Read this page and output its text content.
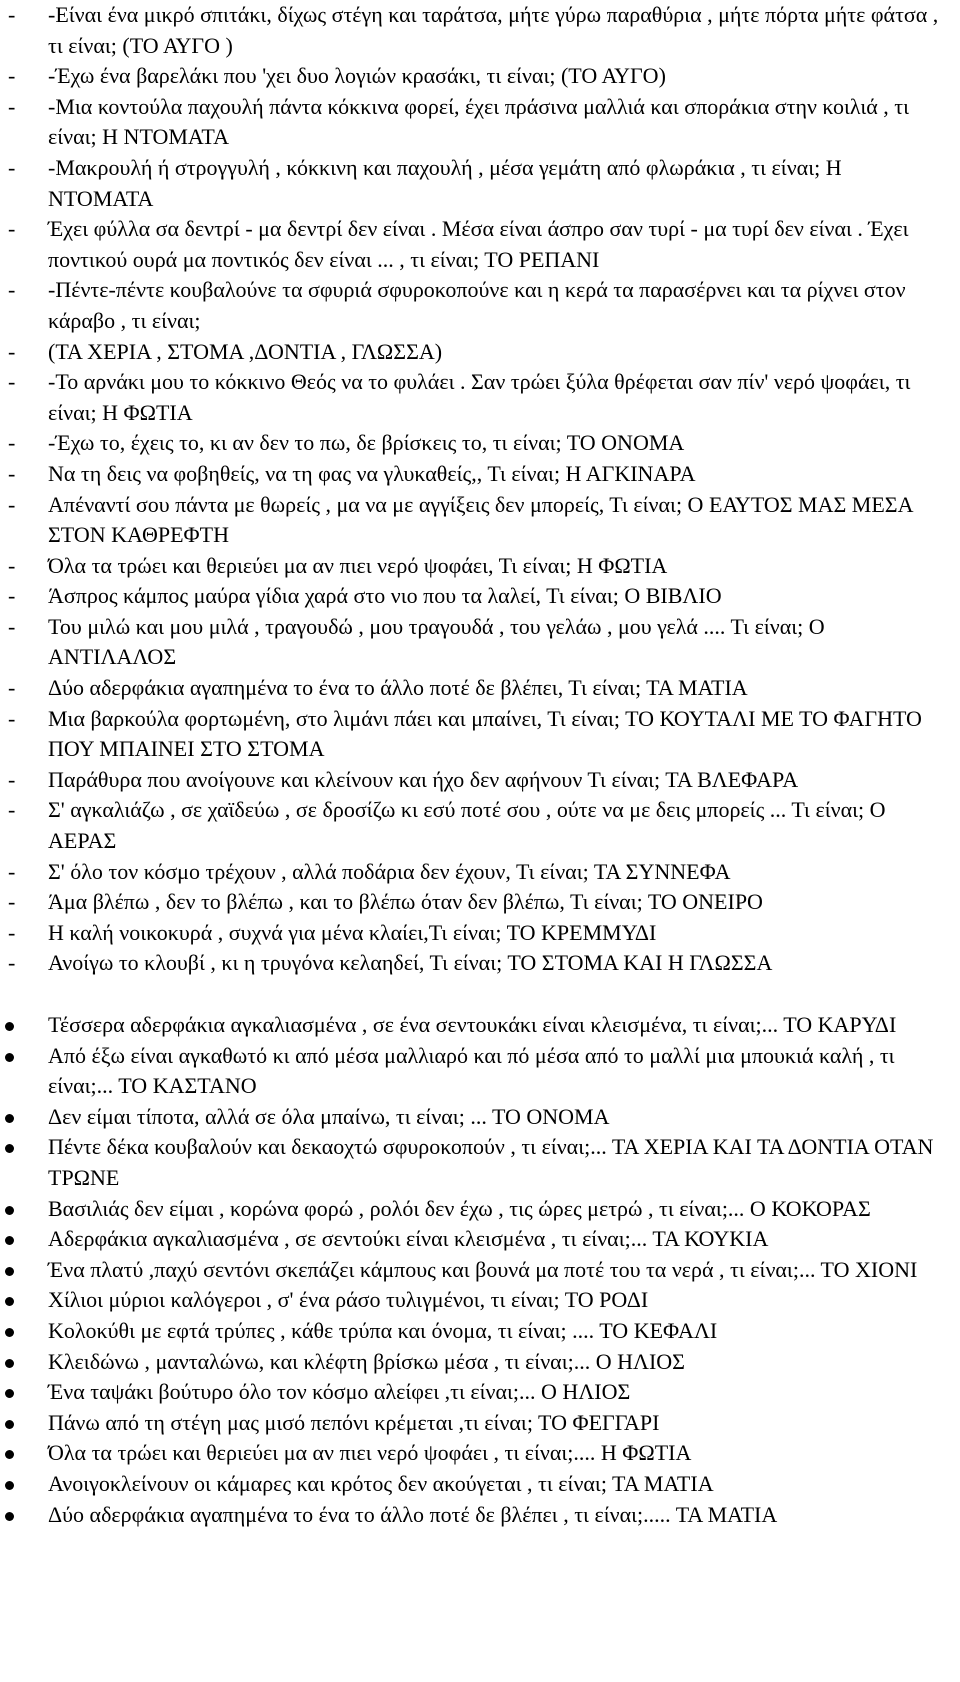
-	-Είναι ένα μικρό σπιτάκι, δίχως στέγη και ταράτσα, μήτε γύρω παραθύρια , μήτε πόρτα μήτε φάτσα , τι είναι; (ΤΟ ΑΥΓΟ )
-	-Έχω ένα βαρελάκι που 'χει δυο λογιών κρασάκι, τι είναι; (ΤΟ ΑΥΓΟ)
-	-Μια κοντούλα παχουλή πάντα κόκκινα φορεί, έχει πράσινα μαλλιά και σποράκια στην κοιλιά , τι είναι; Η ΝΤΟΜΑΤΑ
-	-Μακρουλή ή στρογγυλή , κόκκινη και παχουλή , μέσα γεμάτη από φλωράκια , τι είναι; Η ΝΤΟΜΑΤΑ
-	Έχει φύλλα σα δεντρί - μα δεντρί δεν είναι . Μέσα είναι άσπρο σαν τυρί - μα τυρί δεν είναι . Έχει ποντικού ουρά μα ποντικός δεν είναι ... , τι είναι; ΤΟ ΡΕΠΑΝΙ
-	-Πέντε-πέντε κουβαλούνε τα σφυριά σφυροκοπούνε και η κερά τα παρασέρνει και τα ρίχνει στον κάραβο , τι είναι;
-	(ΤΑ ΧΕΡΙΑ , ΣΤΟΜΑ ,ΔΟΝΤΙΑ , ΓΛΩΣΣΑ)
-	-Το αρνάκι μου το κόκκινο Θεός να το φυλάει . Σαν τρώει ξύλα θρέφεται σαν πίν' νερό ψοφάει, τι είναι; Η ΦΩΤΙΑ
-	-Έχω το, έχεις το, κι αν δεν το πω, δε βρίσκεις το, τι είναι; ΤΟ ΟΝΟΜΑ
-	Να τη δεις να φοβηθείς, να τη φας να γλυκαθείς,, Τι είναι; Η ΑΓΚΙΝΑΡΑ
-	Απέναντί σου πάντα με θωρείς , μα να με αγγίξεις δεν μπορείς, Τι είναι; Ο ΕΑΥΤΟΣ ΜΑΣ ΜΕΣΑ ΣΤΟΝ ΚΑΘΡΕΦΤΗ
-	Όλα τα τρώει και θεριεύει μα αν πιει νερό ψοφάει, Τι είναι; Η ΦΩΤΙΑ
-	Άσπρος κάμπος μαύρα γίδια χαρά στο νιο που τα λαλεί, Τι είναι; Ο ΒΙΒΛΙΟ
-	Του μιλώ και μου μιλά , τραγουδώ , μου τραγουδά , του γελάω , μου γελά .... Τι είναι; Ο ΑΝΤΙΛΑΛΟΣ
-	Δύο αδερφάκια αγαπημένα το ένα το άλλο ποτέ δε βλέπει, Τι είναι; ΤΑ ΜΑΤΙΑ
-	Μια βαρκούλα φορτωμένη, στο λιμάνι πάει και μπαίνει, Τι είναι; ΤΟ ΚΟΥΤΑΛΙ ΜΕ ΤΟ ΦΑΓΗΤΟ ΠΟΥ ΜΠΑΙΝΕΙ ΣΤΟ ΣΤΟΜΑ
-	Παράθυρα που ανοίγουνε και κλείνουν και ήχο δεν αφήνουν Τι είναι; ΤΑ ΒΛΕΦΑΡΑ
-	Σ' αγκαλιάζω , σε χαϊδεύω , σε δροσίζω κι εσύ ποτέ σου , ούτε να με δεις μπορείς ... Τι είναι; Ο ΑΕΡΑΣ
-	Σ' όλο τον κόσμο τρέχουν , αλλά ποδάρια δεν έχουν, Τι είναι; ΤΑ ΣΥΝΝΕΦΑ
-	Άμα βλέπω , δεν το βλέπω , και το βλέπω όταν δεν βλέπω, Τι είναι; ΤΟ ΟΝΕΙΡΟ
-	Η καλή νοικοκυρά , συχνά για μένα κλαίει,Τι είναι; ΤΟ ΚΡΕΜΜΥΔΙ
-	Ανοίγω το κλουβί , κι η τρυγόνα κελαηδεί, Τι είναι; ΤΟ ΣΤΟΜΑ ΚΑΙ Η ΓΛΩΣΣΑ
Τέσσερα αδερφάκια αγκαλιασμένα , σε ένα σεντουκάκι είναι κλεισμένα, τι είναι;... ΤΟ ΚΑΡΥΔΙ
Από έξω είναι αγκαθωτό κι από μέσα μαλλιαρό και πό μέσα από το μαλλί μια μπουκιά καλή , τι είναι;... ΤΟ ΚΑΣΤΑΝΟ
Δεν είμαι τίποτα, αλλά σε όλα μπαίνω, τι είναι; ... ΤΟ ΟΝΟΜΑ
Πέντε δέκα κουβαλούν και δεκαοχτώ σφυροκοπούν , τι είναι;... ΤΑ ΧΕΡΙΑ ΚΑΙ ΤΑ ΔΟΝΤΙΑ ΟΤΑΝ ΤΡΩΝΕ
Βασιλιάς δεν είμαι , κορώνα φορώ , ρολόι δεν έχω , τις ώρες μετρώ , τι είναι;... Ο ΚΟΚΟΡΑΣ
Αδερφάκια αγκαλιασμένα , σε σεντούκι είναι κλεισμένα , τι είναι;... ΤΑ ΚΟΥΚΙΑ
Ένα πλατύ ,παχύ σεντόνι σκεπάζει κάμπους και βουνά μα ποτέ του τα νερά , τι είναι;... ΤΟ ΧΙΟΝΙ
Χίλιοι μύριοι καλόγεροι , σ' ένα ράσο τυλιγμένοι, τι είναι; ΤΟ ΡΟΔΙ
Κολοκύθι με εφτά τρύπες , κάθε τρύπα και όνομα, τι είναι; .... ΤΟ ΚΕΦΑΛΙ
Κλειδώνω , μανταλώνω, και κλέφτη βρίσκω μέσα , τι είναι;... Ο ΗΛΙΟΣ
Ένα ταψάκι βούτυρο όλο τον κόσμο αλείφει ,τι είναι;... Ο ΗΛΙΟΣ
Πάνω από τη στέγη μας μισό πεπόνι κρέμεται ,τι είναι; ΤΟ ΦΕΓΓΑΡΙ
Όλα τα τρώει και θεριεύει μα αν πιει νερό ψοφάει , τι είναι;.... Η ΦΩΤΙΑ
Ανοιγοκλείνουν οι κάμαρες και κρότος δεν ακούγεται , τι είναι; ΤΑ ΜΑΤΙΑ
Δύο αδερφάκια αγαπημένα το ένα το άλλο ποτέ δε βλέπει , τι είναι;..... ΤΑ ΜΑΤΙΑ
